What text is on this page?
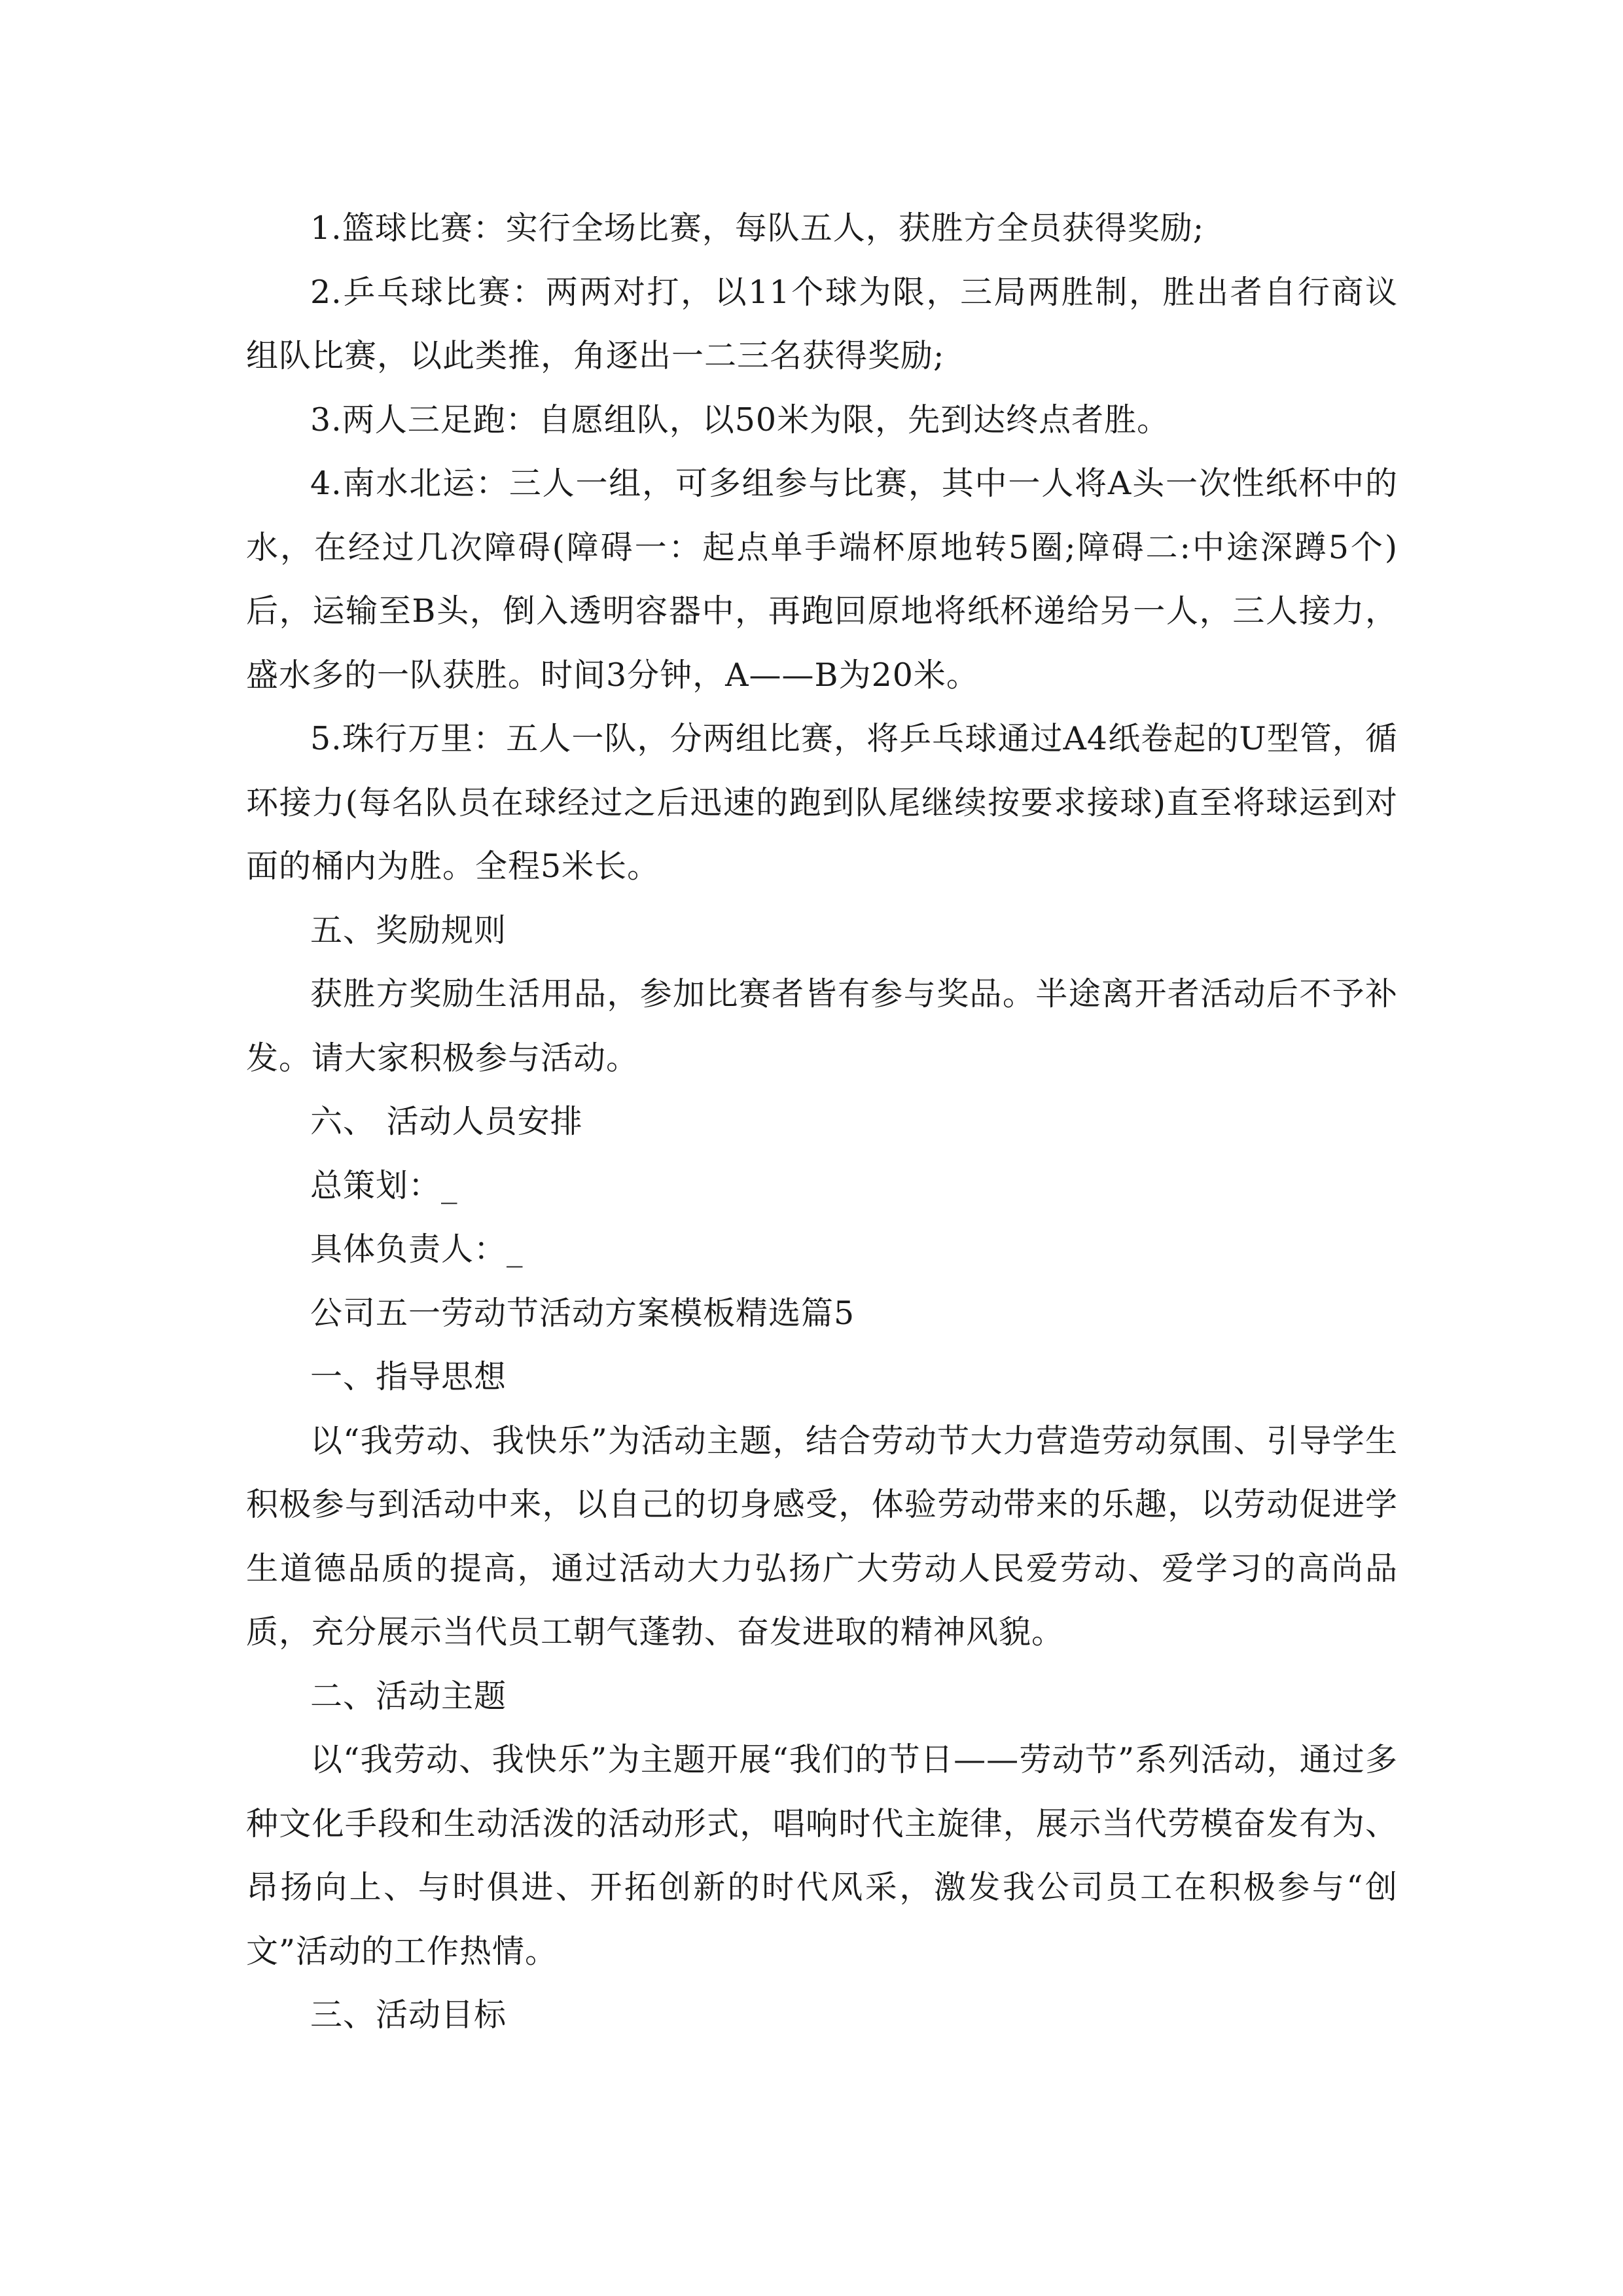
1.篮球比赛：实行全场比赛，每队五人，获胜方全员获得奖励;

2.乒乓球比赛：两两对打，以11个球为限，三局两胜制，胜出者自行商议组队比赛，以此类推，角逐出一二三名获得奖励;

3.两人三足跑：自愿组队，以50米为限，先到达终点者胜。

4.南水北运：三人一组，可多组参与比赛，其中一人将A头一次性纸杯中的水，在经过几次障碍(障碍一：起点单手端杯原地转5圈;障碍二:中途深蹲5个)后，运输至B头，倒入透明容器中，再跑回原地将纸杯递给另一人，三人接力，盛水多的一队获胜。时间3分钟，A——B为20米。

5.珠行万里：五人一队，分两组比赛，将乒乓球通过A4纸卷起的U型管，循环接力(每名队员在球经过之后迅速的跑到队尾继续按要求接球)直至将球运到对面的桶内为胜。全程5米长。

五、奖励规则

获胜方奖励生活用品，参加比赛者皆有参与奖品。半途离开者活动后不予补发。请大家积极参与活动。

六、 活动人员安排

总策划：_

具体负责人：_

公司五一劳动节活动方案模板精选篇5

一、指导思想

以“我劳动、我快乐”为活动主题，结合劳动节大力营造劳动氛围、引导学生积极参与到活动中来，以自己的切身感受，体验劳动带来的乐趣，以劳动促进学生道德品质的提高，通过活动大力弘扬广大劳动人民爱劳动、爱学习的高尚品质，充分展示当代员工朝气蓬勃、奋发进取的精神风貌。

二、活动主题

以“我劳动、我快乐”为主题开展“我们的节日——劳动节”系列活动，通过多种文化手段和生动活泼的活动形式，唱响时代主旋律，展示当代劳模奋发有为、昂扬向上、与时俱进、开拓创新的时代风采，激发我公司员工在积极参与“创文”活动的工作热情。

三、活动目标
